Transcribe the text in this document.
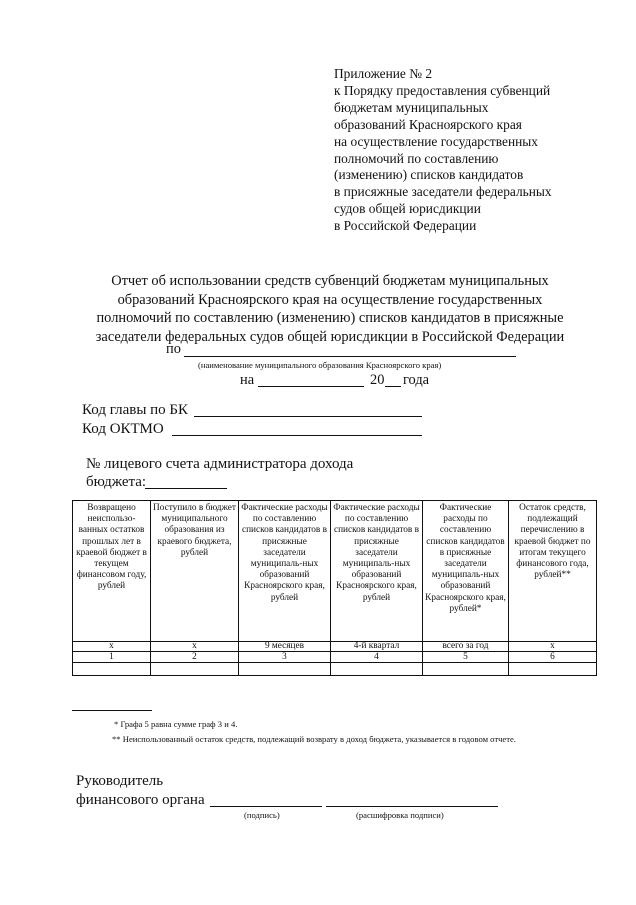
Приложение № 2
к Порядку предоставления субвенций
бюджетам муниципальных
образований Красноярского края
на осуществление государственных
полномочий по составлению
(изменению) списков кандидатов
в присяжные заседатели федеральных
судов общей юрисдикции
в Российской Федерации
Отчет об использовании средств субвенций бюджетам муниципальных
образований Красноярского края на осуществление государственных
полномочий по составлению (изменению) списков кандидатов в присяжные
заседатели федеральных судов общей юрисдикции в Российской Федерации
по
(наименование муниципального образования Красноярского края)
на	20 года
Код главы по БК
Код ОКТМО
№ лицевого счета администратора дохода
бюджета:
Возвращено неиспользо-ванных остатков прошлых лет в краевой бюджет в текущем финансовом году, рублей	Поступило в бюджет муниципального образования из краевого бюджета, рублей	Фактические расходы по составлению списков кандидатов в присяжные заседатели муниципаль-ных образований Красноярского края, рублей	Фактические расходы по составлению списков кандидатов в присяжные заседатели муниципаль-ных образований Красноярского края, рублей	Фактические расходы по составлению списков кандидатов в присяжные заседатели муниципаль-ных образований Красноярского края, рублей*	Остаток средств, подлежащий перечислению в краевой бюджет по итогам текущего финансового года, рублей**
х	х	9 месяцев	4-й квартал	всего за год	х
1	2	3	4	5	6

* Графа 5 равна сумме граф 3 и 4.
** Неиспользованный остаток средств, подлежащий возврату в доход бюджета, указывается в годовом отчете.
Руководитель
финансового органа
(подпись)	(расшифровка подписи)
